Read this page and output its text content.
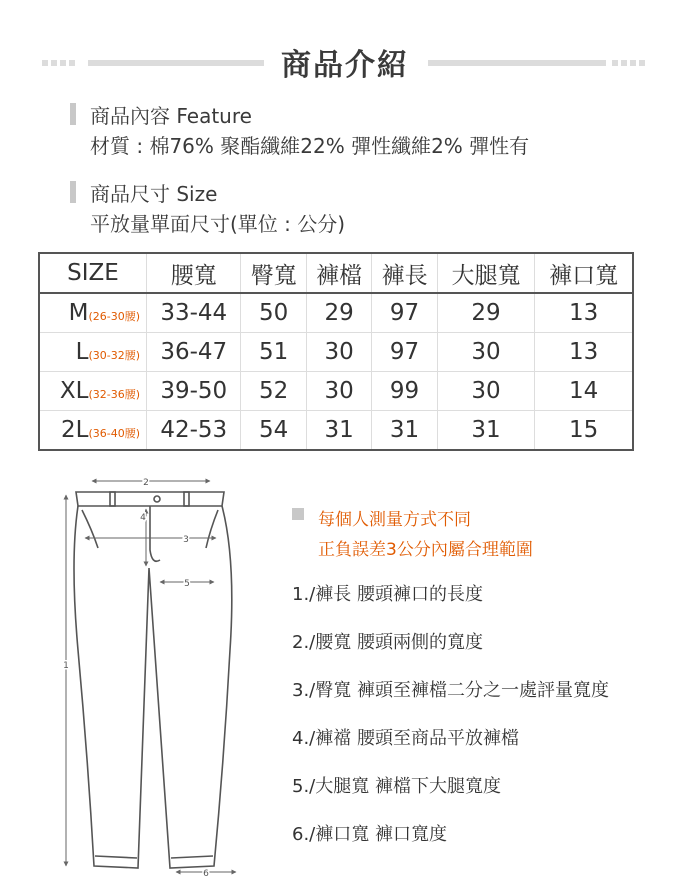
商品介紹
商品內容 Feature
材質 : 棉76% 聚酯纖維22% 彈性纖維2% 彈性有
商品尺寸 Size
平放量單面尺寸(單位 : 公分)
SIZE	腰寬	臀寬	褲檔	褲長	大腿寬	褲口寬
M(26-30腰)	33-44	50	29	97	29	13
L(30-32腰)	36-47	51	30	97	30	13
XL(32-36腰)	39-50	52	30	99	30	14
2L(36-40腰)	42-53	54	31	31	31	15
2
4
3
5
1
6
每個人測量方式不同
正負誤差3公分內屬合理範圍
1./褲長 腰頭褲口的長度
2./腰寬 腰頭兩側的寬度
3./臀寬 褲頭至褲檔二分之一處評量寬度
4./褲襠 腰頭至商品平放褲檔
5./大腿寬 褲檔下大腿寬度
6./褲口寬 褲口寬度
